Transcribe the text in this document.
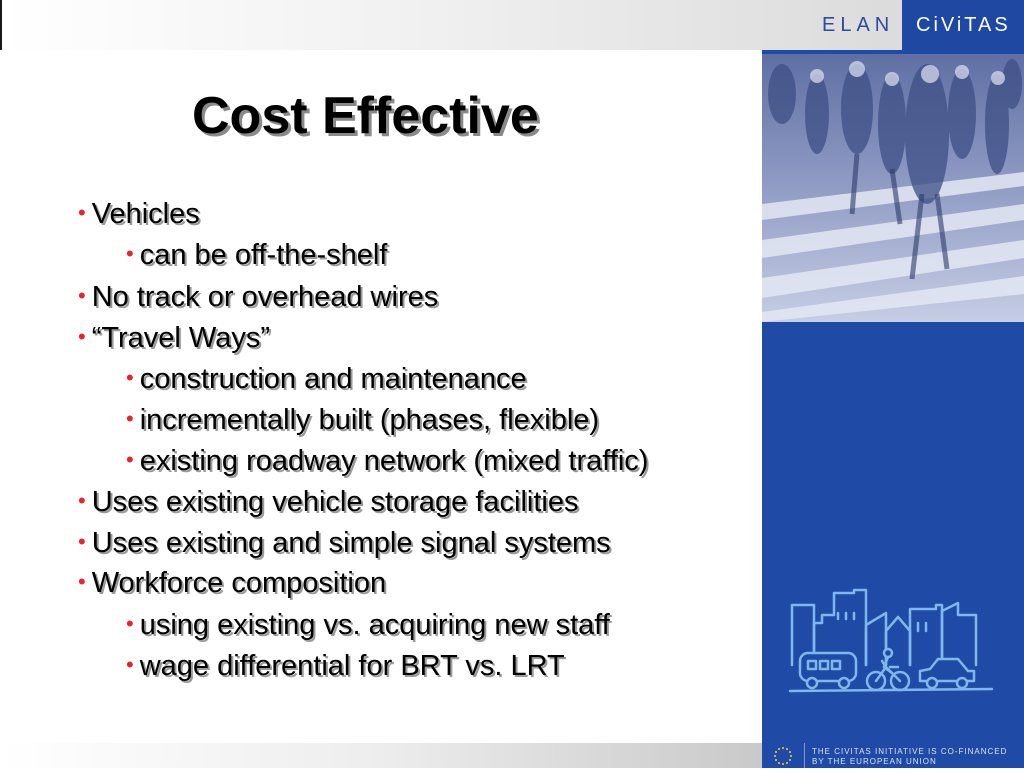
ELAN CiViTAS
Cost Effective
• Vehicles
• can be off-the-shelf
• No track or overhead wires
• “Travel Ways”
• construction and maintenance
• incrementally built (phases, flexible)
• existing roadway network (mixed traffic)
• Uses existing vehicle storage facilities
• Uses existing and simple signal systems
• Workforce composition
• using existing vs. acquiring new staff
• wage differential for BRT vs. LRT
THE CIVITAS INITIATIVE IS CO-FINANCED
BY THE EUROPEAN UNION
